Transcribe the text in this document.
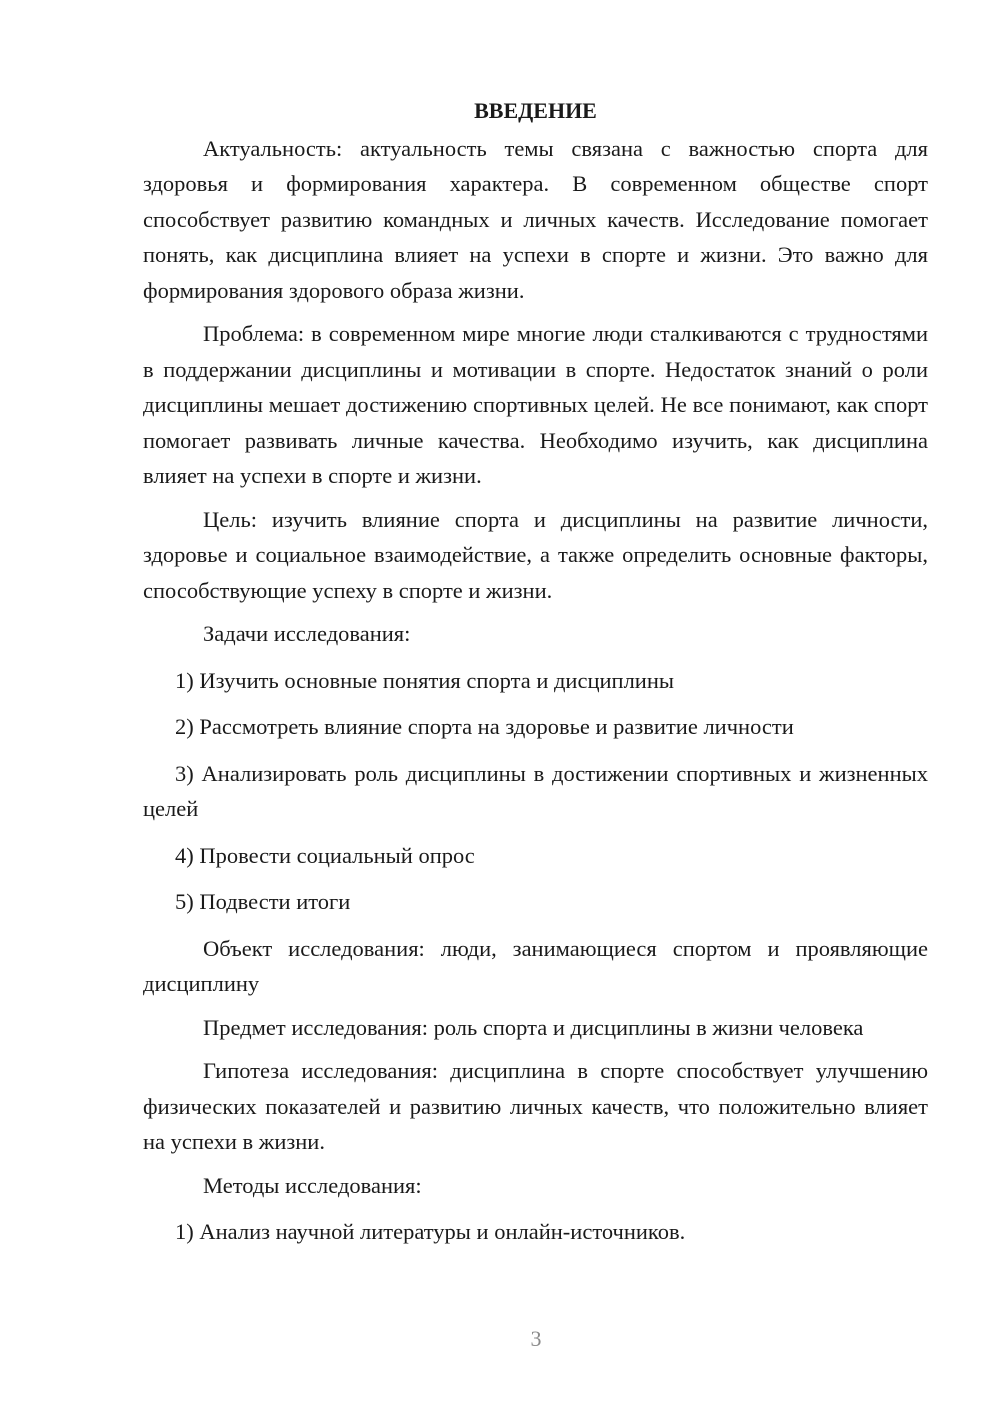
ВВЕДЕНИЕ

Актуальность: актуальность темы связана с важностью спорта для здоровья и формирования характера. В современном обществе спорт способствует развитию командных и личных качеств. Исследование помогает понять, как дисциплина влияет на успехи в спорте и жизни. Это важно для формирования здорового образа жизни.

Проблема: в современном мире многие люди сталкиваются с трудностями в поддержании дисциплины и мотивации в спорте. Недостаток знаний о роли дисциплины мешает достижению спортивных целей. Не все понимают, как спорт помогает развивать личные качества. Необходимо изучить, как дисциплина влияет на успехи в спорте и жизни.

Цель: изучить влияние спорта и дисциплины на развитие личности, здоровье и социальное взаимодействие, а также определить основные факторы, способствующие успеху в спорте и жизни.

Задачи исследования:

1) Изучить основные понятия спорта и дисциплины

2) Рассмотреть влияние спорта на здоровье и развитие личности

3) Анализировать роль дисциплины в достижении спортивных и жизненных целей

4) Провести социальный опрос

5) Подвести итоги

Объект исследования: люди, занимающиеся спортом и проявляющие дисциплину

Предмет исследования: роль спорта и дисциплины в жизни человека

Гипотеза исследования: дисциплина в спорте способствует улучшению физических показателей и развитию личных качеств, что положительно влияет на успехи в жизни.

Методы исследования:

1) Анализ научной литературы и онлайн-источников.

3
